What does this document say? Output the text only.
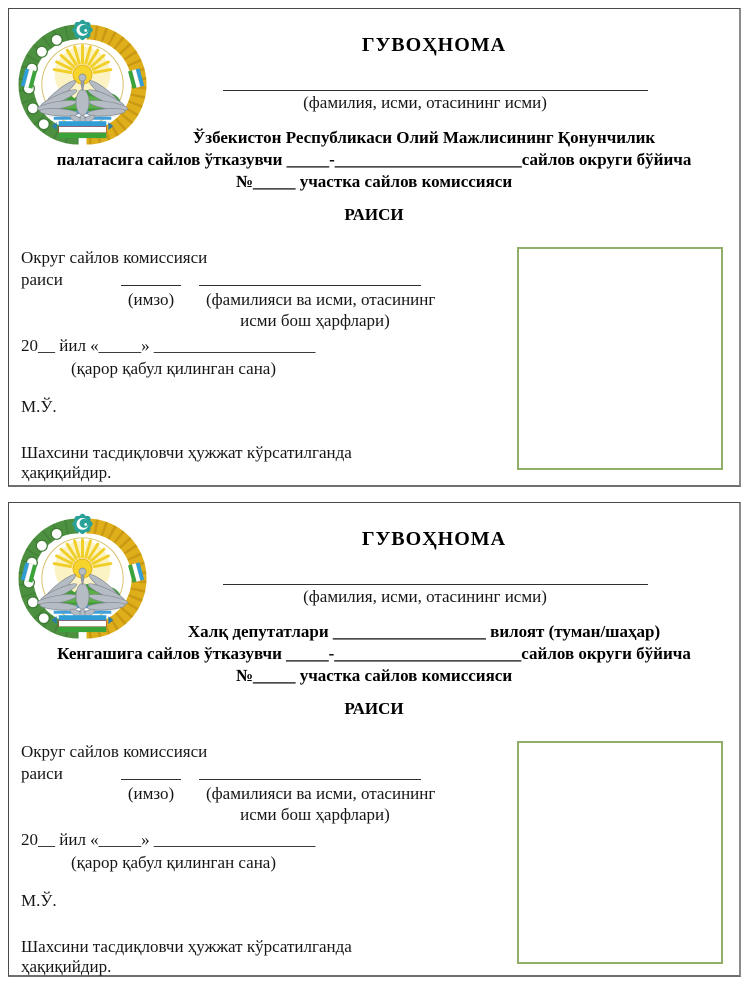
ГУВОҲНОМА
(фамилия, исми, отасининг исми)
Ўзбекистон Республикаси Олий Мажлисининг Қонунчилик
палатасига сайлов ўтказувчи _____-______________________сайлов округи бўйича
№_____ участка сайлов комиссияси
РАИСИ
Округ сайлов комиссияси
раиси
(имзо)	(фамилияси ва исми, отасининг
исми бош ҳарфлари)
20__ йил «_____» ___________________
(қарор қабул қилинган сана)
М.Ў.
Шахсини тасдиқловчи ҳужжат кўрсатилганда
ҳақиқийдир.
ГУВОҲНОМА
(фамилия, исми, отасининг исми)
Халқ депутатлари __________________ вилоят (туман/шаҳар)
Кенгашига сайлов ўтказувчи _____-______________________сайлов округи бўйича
№_____ участка сайлов комиссияси
РАИСИ
Округ сайлов комиссияси
раиси
(имзо)	(фамилияси ва исми, отасининг
исми бош ҳарфлари)
20__ йил «_____» ___________________
(қарор қабул қилинган сана)
М.Ў.
Шахсини тасдиқловчи ҳужжат кўрсатилганда
ҳақиқийдир.
